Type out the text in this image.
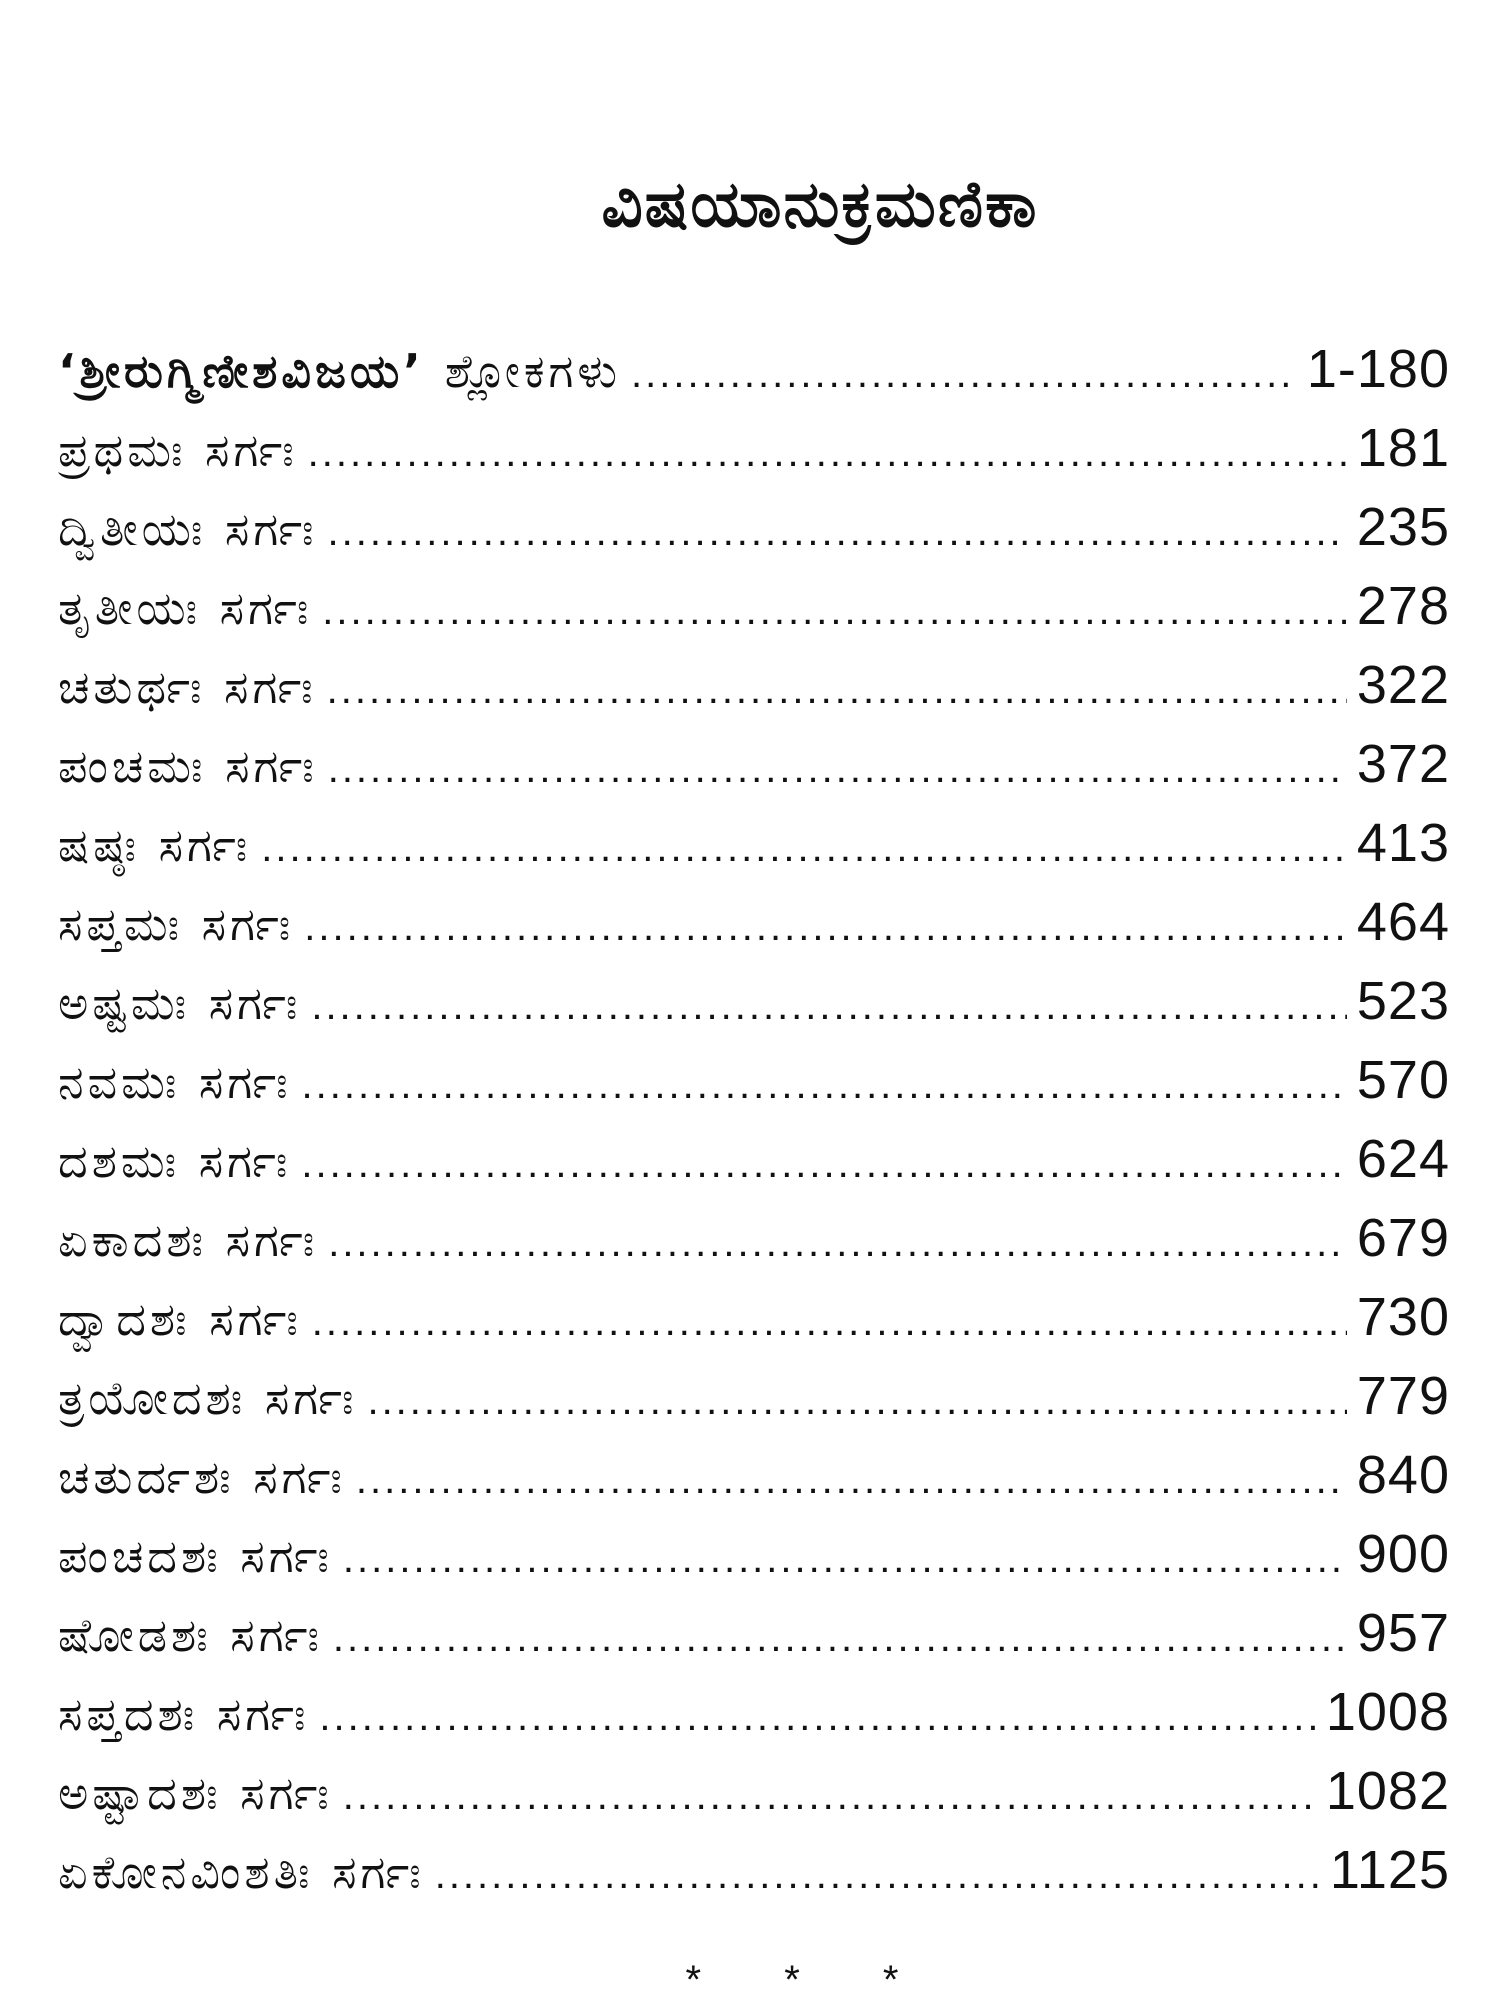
ವಿಷಯಾನುಕ್ರಮಣಿಕಾ
‘ಶ್ರೀರುಗ್ಮಿಣೀಶವಿಜಯ’ ಶ್ಲೋಕಗಳು .....	1-180
ಪ್ರಥಮಃ ಸರ್ಗಃ .....	181
ದ್ವಿತೀಯಃ ಸರ್ಗಃ .....	235
ತೃತೀಯಃ ಸರ್ಗಃ .....	278
ಚತುರ್ಥಃ ಸರ್ಗಃ .....	322
ಪಂಚಮಃ ಸರ್ಗಃ .....	372
ಷಷ್ಠಃ ಸರ್ಗಃ .....	413
ಸಪ್ತಮಃ ಸರ್ಗಃ .....	464
ಅಷ್ಟಮಃ ಸರ್ಗಃ .....	523
ನವಮಃ ಸರ್ಗಃ .....	570
ದಶಮಃ ಸರ್ಗಃ .....	624
ಏಕಾದಶಃ ಸರ್ಗಃ .....	679
ದ್ವಾದಶಃ ಸರ್ಗಃ .....	730
ತ್ರಯೋದಶಃ ಸರ್ಗಃ .....	779
ಚತುರ್ದಶಃ ಸರ್ಗಃ .....	840
ಪಂಚದಶಃ ಸರ್ಗಃ .....	900
ಷೋಡಶಃ ಸರ್ಗಃ .....	957
ಸಪ್ತದಶಃ ಸರ್ಗಃ .....	1008
ಅಷ್ಟಾದಶಃ ಸರ್ಗಃ .....	1082
ಏಕೋನವಿಂಶತಿಃ ಸರ್ಗಃ .....	1125
* * *
